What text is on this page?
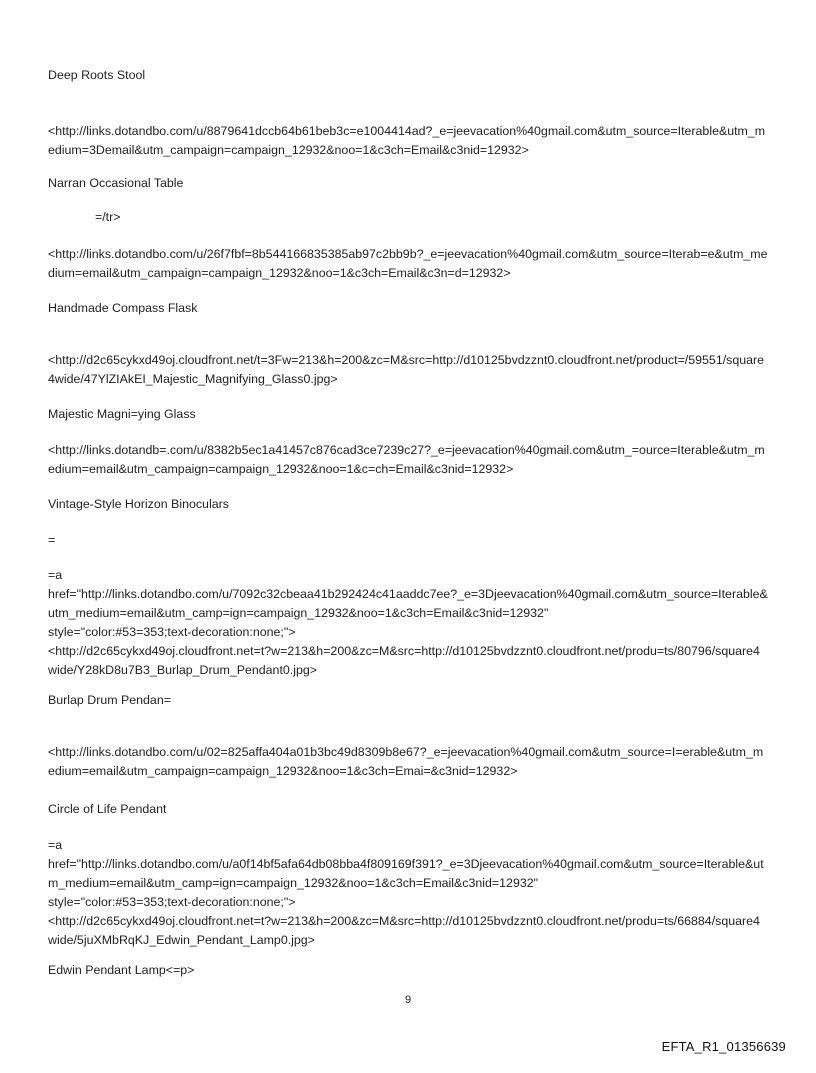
Deep Roots Stool
<http://links.dotandbo.com/u/8879641dccb64b61beb3c=e1004414ad?_e=jeevacation%40gmail.com&utm_source=Iterable&utm_medium=3Demail&utm_campaign=campaign_12932&noo=1&c3ch=Email&c3nid=12932>
Narran Occasional Table
=/tr>
<http://links.dotandbo.com/u/26f7fbf=8b544166835385ab97c2bb9b?_e=jeevacation%40gmail.com&utm_source=Iterab=e&utm_medium=email&utm_campaign=campaign_12932&noo=1&c3ch=Email&c3n=d=12932>
Handmade Compass Flask
<http://d2c65cykxd49oj.cloudfront.net/t=3Fw=213&h=200&zc=M&src=http://d10125bvdzznt0.cloudfront.net/product=/59551/square4wide/47YlZIAkEI_Majestic_Magnifying_Glass0.jpg>
Majestic Magni=ying Glass
<http://links.dotandb=.com/u/8382b5ec1a41457c876cad3ce7239c27?_e=jeevacation%40gmail.com&utm_=ource=Iterable&utm_medium=email&utm_campaign=campaign_12932&noo=1&c=ch=Email&c3nid=12932>
Vintage-Style Horizon Binoculars
=
=a
href="http://links.dotandbo.com/u/7092c32cbeaa41b292424c41aaddc7ee?_e=3Djeevacation%40gmail.com&utm_source=Iterable&utm_medium=email&utm_camp=ign=campaign_12932&noo=1&c3ch=Email&c3nid=12932"
style="color:#53=353;text-decoration:none;">
<http://d2c65cykxd49oj.cloudfront.net=t?w=213&h=200&zc=M&src=http://d10125bvdzznt0.cloudfront.net/produ=ts/80796/square4wide/Y28kD8u7B3_Burlap_Drum_Pendant0.jpg>
Burlap Drum Pendan=
<http://links.dotandbo.com/u/02=825affa404a01b3bc49d8309b8e67?_e=jeevacation%40gmail.com&utm_source=I=erable&utm_medium=email&utm_campaign=campaign_12932&noo=1&c3ch=Emai=&c3nid=12932>
Circle of Life Pendant
=a
href="http://links.dotandbo.com/u/a0f14bf5afa64db08bba4f809169f391?_e=3Djeevacation%40gmail.com&utm_source=Iterable&utm_medium=email&utm_camp=ign=campaign_12932&noo=1&c3ch=Email&c3nid=12932"
style="color:#53=353;text-decoration:none;">
<http://d2c65cykxd49oj.cloudfront.net=t?w=213&h=200&zc=M&src=http://d10125bvdzznt0.cloudfront.net/produ=ts/66884/square4wide/5juXMbRqKJ_Edwin_Pendant_Lamp0.jpg>
Edwin Pendant Lamp<=p>
9
EFTA_R1_01356639
